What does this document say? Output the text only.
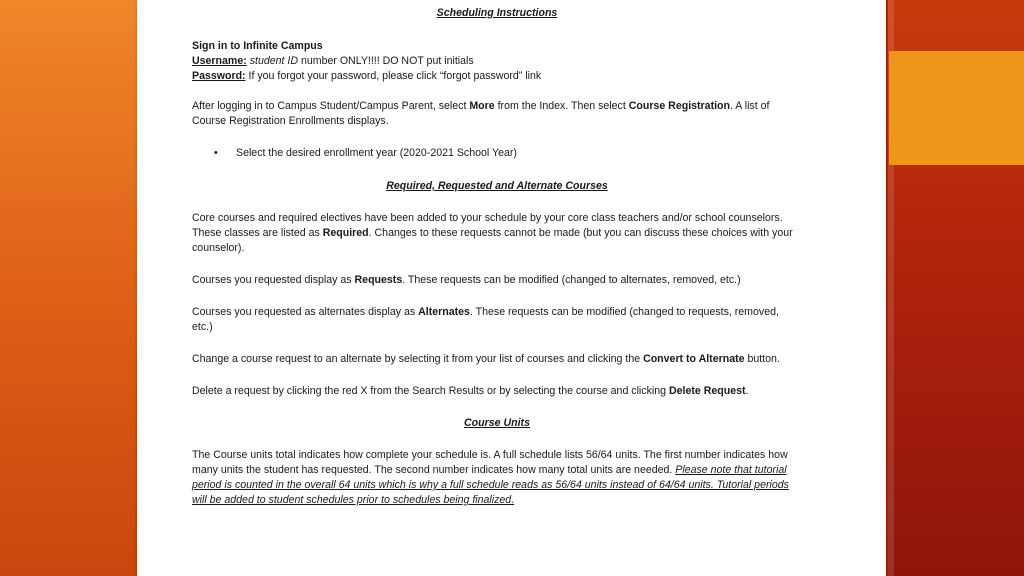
Scheduling Instructions

Sign in to Infinite Campus

Username: student ID number ONLY!!!! DO NOT put initials

Password: If you forgot your password, please click “forgot password” link

After logging in to Campus Student/Campus Parent, select More from the Index. Then select Course Registration. A list of Course Registration Enrollments displays.

•	Select the desired enrollment year (2020-2021 School Year)

Required, Requested and Alternate Courses

Core courses and required electives have been added to your schedule by your core class teachers and/or school counselors. These classes are listed as Required. Changes to these requests cannot be made (but you can discuss these choices with your counselor).

Courses you requested display as Requests. These requests can be modified (changed to alternates, removed, etc.)

Courses you requested as alternates display as Alternates. These requests can be modified (changed to requests, removed, etc.)

Change a course request to an alternate by selecting it from your list of courses and clicking the Convert to Alternate button.

Delete a request by clicking the red X from the Search Results or by selecting the course and clicking Delete Request.

Course Units

The Course units total indicates how complete your schedule is. A full schedule lists 56/64 units. The first number indicates how many units the student has requested. The second number indicates how many total units are needed. Please note that tutorial period is counted in the overall 64 units which is why a full schedule reads as 56/64 units instead of 64/64 units. Tutorial periods will be added to student schedules prior to schedules being finalized.
